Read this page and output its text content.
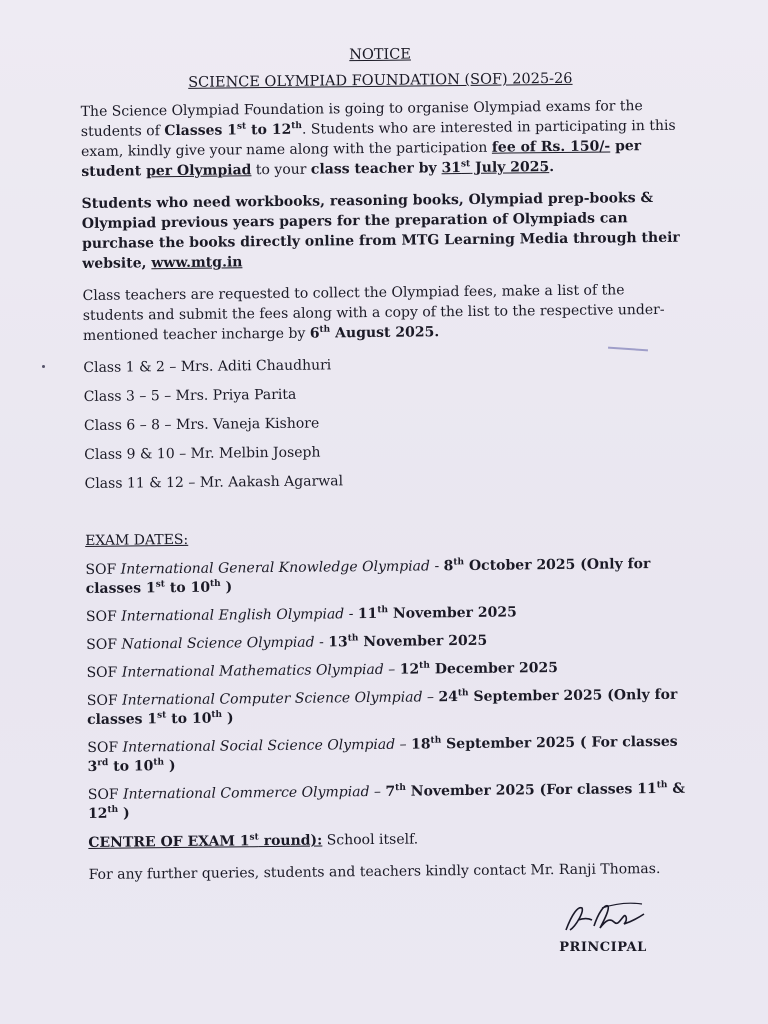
NOTICE

SCIENCE OLYMPIAD FOUNDATION (SOF) 2025-26

The Science Olympiad Foundation is going to organise Olympiad exams for the students of Classes 1st to 12th. Students who are interested in participating in this exam, kindly give your name along with the participation fee of Rs. 150/- per student per Olympiad to your class teacher by 31st July 2025.

Students who need workbooks, reasoning books, Olympiad prep-books & Olympiad previous years papers for the preparation of Olympiads can purchase the books directly online from MTG Learning Media through their website, www.mtg.in

Class teachers are requested to collect the Olympiad fees, make a list of the students and submit the fees along with a copy of the list to the respective under-mentioned teacher incharge by 6th August 2025.

Class 1 & 2 – Mrs. Aditi Chaudhuri
Class 3 – 5 – Mrs. Priya Parita
Class 6 – 8 – Mrs. Vaneja Kishore
Class 9 & 10 – Mr. Melbin Joseph
Class 11 & 12 – Mr. Aakash Agarwal

EXAM DATES:

SOF International General Knowledge Olympiad - 8th October 2025 (Only for classes 1st to 10th )

SOF International English Olympiad - 11th November 2025

SOF National Science Olympiad - 13th November 2025

SOF International Mathematics Olympiad – 12th December 2025

SOF International Computer Science Olympiad – 24th September 2025 (Only for classes 1st to 10th )

SOF International Social Science Olympiad – 18th September 2025 ( For classes 3rd to 10th )

SOF International Commerce Olympiad – 7th November 2025 (For classes 11th & 12th )

CENTRE OF EXAM 1st round): School itself.

For any further queries, students and teachers kindly contact Mr. Ranji Thomas.

PRINCIPAL
